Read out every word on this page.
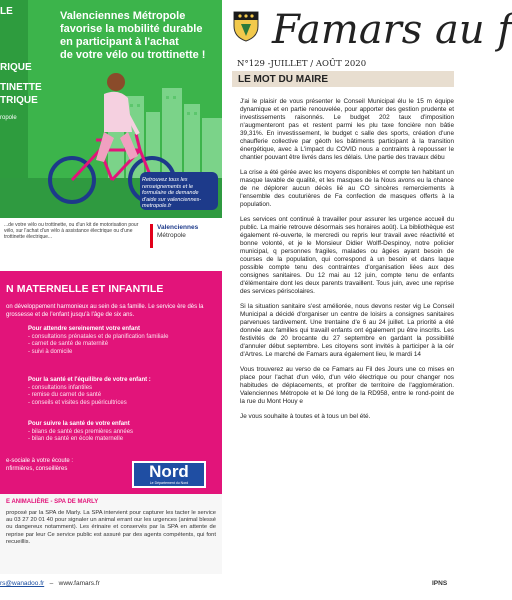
LE
RIQUE
TINETTE
TRIQUE
ropole
Valenciennes Métropole
favorise la mobilité durable
en participant à l'achat
de votre vélo ou trottinette !
Retrouvez tous les renseignements et le formulaire de demande d'aide sur valenciennes-metropole.fr
...de votre vélo ou trottinette, ou d'un kit de motorisation pour vélo, sur l'achat d'un vélo à assistance électrique ou d'une trottinette électrique...
Valenciennes
Métropole
N MATERNELLE ET INFANTILE
on développement harmonieux au sein de sa famille. Le service ère dès la grossesse et de l'enfant jusqu'à l'âge de six ans.
Pour attendre sereinement votre enfant
- consultations prénatales et de planification familiale
- carnet de santé de maternité
- suivi à domicile
Pour la santé et l'équilibre de votre enfant :
- consultations infantiles
- remise du carnet de santé
- conseils et visites des puéricultrices
Pour suivre la santé de votre enfant
- bilans de santé des premières années
- bilan de santé en école maternelle
e-sociale à votre écoute :
nfirmières, conseillères	Nord
Le Département du Nord
E ANIMALIÈRE - SPA DE MARLY
proposé par la SPA de Marly. La SPA intervient pour capturer les tacter le service au 03 27 20 01 40 pour signaler un animal errant our les urgences (animal blessé ou dangereux notamment). Les érinaire et conservés par la SPA en attente de reprise par leur Ce service public est assuré par des agents compétents, qui font recueillis.
rs@wanadoo.fr – www.famars.fr
Famars au f
N°129 -JUILLET / AOÛT 2020
LE MOT DU MAIRE

J'ai le plaisir de vous présenter le Conseil Municipal élu le 15 m équipe dynamique et en partie renouvelée, pour apporter des gestion prudente et investissements raisonnés. Le budget 202 taux d'imposition n'augmenteront pas et restent parmi les plu taxe foncière non bâtie 39,31%. En investissement, le budget c salle des sports, création d'une chaufferie collective par géoth les bâtiments participant à la transition énergétique, avec à L'impact du COVID nous a contraints à repousser le chantier pouvant être livrés dans les délais. Une partie des travaux débu

La crise a été gérée avec les moyens disponibles et compte ten habitant un masque lavable de qualité, et les masques de la Nous avons eu la chance de ne déplorer aucun décès lié au CO sincères remerciements à l'ensemble des couturières de Fa confection de masques offerts à la population.

Les services ont continué à travailler pour assurer les urgence accueil du public. La mairie retrouve désormais ses horaires août). La bibliothèque est également ré-ouverte, le mercredi ou repris leur travail avec réactivité et bonne volonté, et je le Monsieur Didier Wolff-Despinoy, notre policier municipal, q personnes fragiles, malades ou âgées ayant besoin de courses de la population, qui correspond à un besoin et dans laque possible compte tenu des contraintes d'organisation liées aux des consignes sanitaires. Du 12 mai au 12 juin, compte tenu de enfants d'élémentaire dont les deux parents travaillent. Tous juin, avec une reprise des services périscolaires.

Si la situation sanitaire s'est améliorée, nous devons rester vig Le Conseil Municipal a décidé d'organiser un centre de loisirs a consignes sanitaires parvenues tardivement. Une trentaine d'e 6 au 24 juillet. La priorité a été donnée aux familles qui travaill enfants ont également pu être inscrits. Les festivités de 20 brocante du 27 septembre en gardant la possibilité d'annuler début septembre. Les citoyens sont invités à participer à la cér d'Artres. Le marché de Famars aura également lieu, le mardi 14

Vous trouverez au verso de ce Famars au Fil des Jours une co mises en place pour l'achat d'un vélo, d'un vélo électrique ou pour changer nos habitudes de déplacements, et profiter de territoire de l'agglomération. Valenciennes Métropole et le Dé long de la RD958, entre le rond-point de la rue du Mont Houy e

Je vous souhaite à toutes et à tous un bel été.

IPNS
